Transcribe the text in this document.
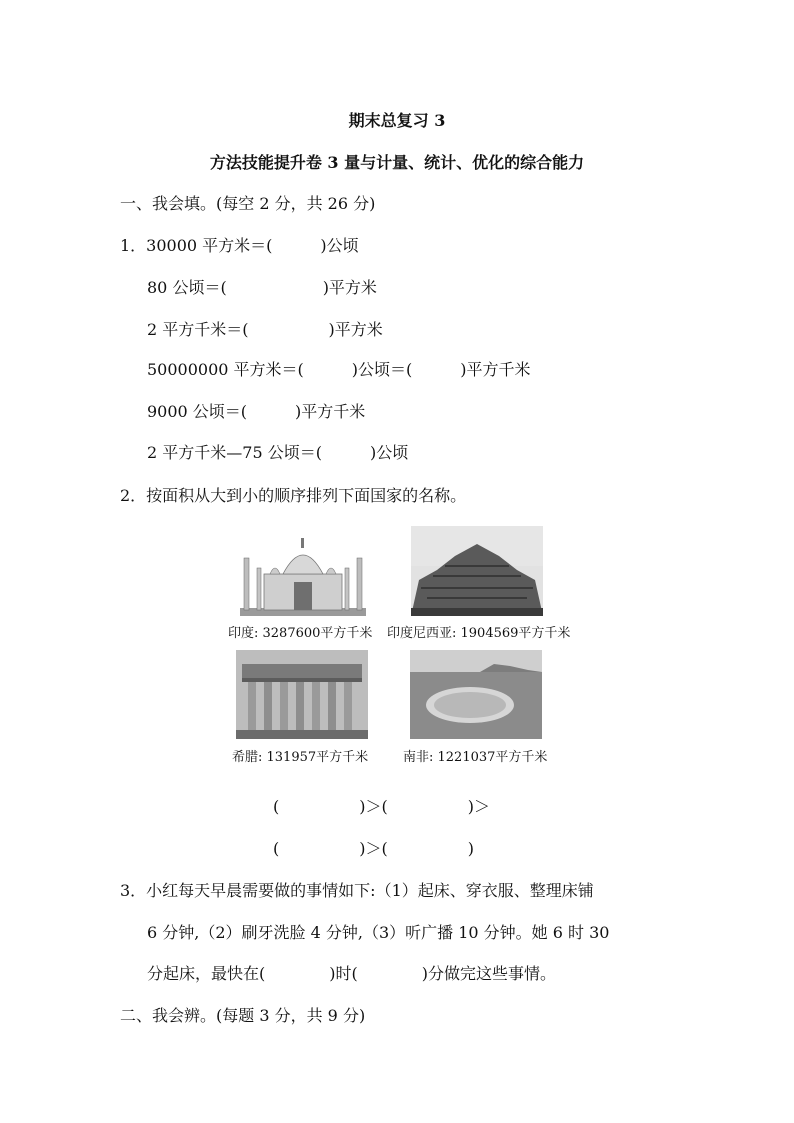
期末总复习 3
方法技能提升卷 3 量与计量、统计、优化的综合能力
一、我会填。(每空 2 分，共 26 分)
1．30000 平方米＝(　　　)公顷
80 公顷＝(　　　　　　)平方米
2 平方千米＝(　　　　　)平方米
50000000 平方米＝(　　　)公顷＝(　　　)平方千米
9000 公顷＝(　　　)平方千米
2 平方千米—75 公顷＝(　　　)公顷
2．按面积从大到小的顺序排列下面国家的名称。
印度: 3287600平方千米 印度尼西亚: 1904569平方千米
希腊: 131957平方千米	南非: 1221037平方千米
(　　　　　)＞(　　　　　)＞
(　　　　　)＞(　　　　　)
3．小红每天早晨需要做的事情如下:（1）起床、穿衣服、整理床铺
6 分钟,（2）刷牙洗脸 4 分钟,（3）听广播 10 分钟。她 6 时 30
分起床，最快在(　　　　)时(　　　　)分做完这些事情。
二、我会辨。(每题 3 分，共 9 分)
